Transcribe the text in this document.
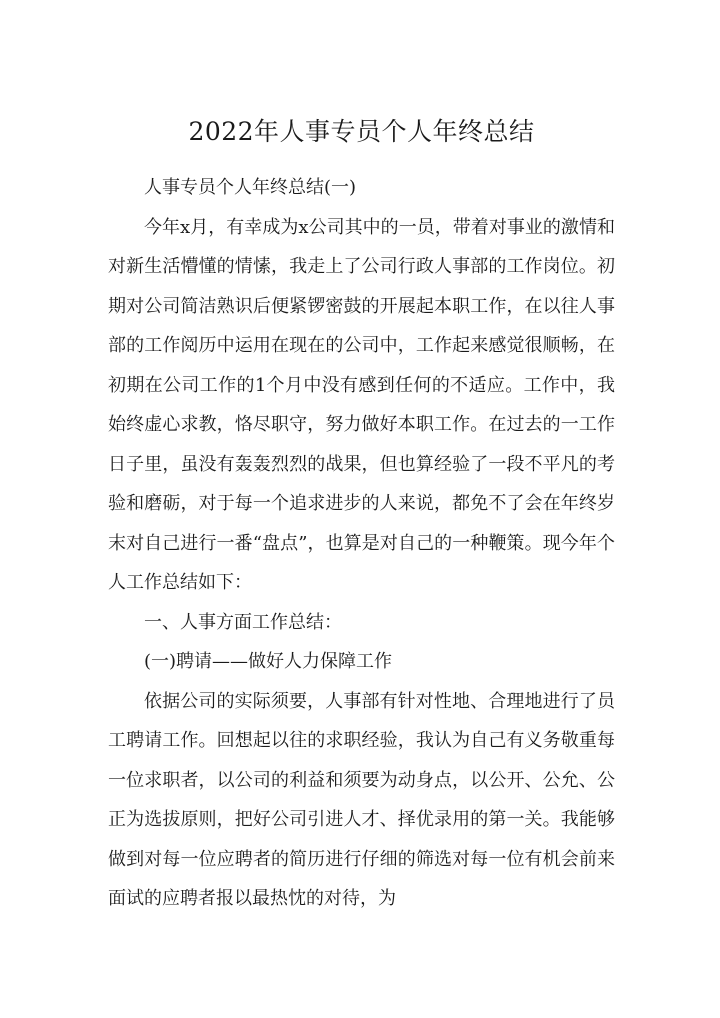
2022年人事专员个人年终总结

人事专员个人年终总结(一)

今年x月，有幸成为x公司其中的一员，带着对事业的激情和对新生活懵懂的情愫，我走上了公司行政人事部的工作岗位。初期对公司简洁熟识后便紧锣密鼓的开展起本职工作，在以往人事部的工作阅历中运用在现在的公司中，工作起来感觉很顺畅，在初期在公司工作的1个月中没有感到任何的不适应。工作中，我始终虚心求教，恪尽职守，努力做好本职工作。在过去的一工作日子里，虽没有轰轰烈烈的战果，但也算经验了一段不平凡的考验和磨砺，对于每一个追求进步的人来说，都免不了会在年终岁末对自己进行一番“盘点”，也算是对自己的一种鞭策。现今年个人工作总结如下：

一、人事方面工作总结：

(一)聘请——做好人力保障工作

依据公司的实际须要，人事部有针对性地、合理地进行了员工聘请工作。回想起以往的求职经验，我认为自己有义务敬重每一位求职者，以公司的利益和须要为动身点，以公开、公允、公正为选拔原则，把好公司引进人才、择优录用的第一关。我能够做到对每一位应聘者的简历进行仔细的筛选对每一位有机会前来面试的应聘者报以最热忱的对待，为
